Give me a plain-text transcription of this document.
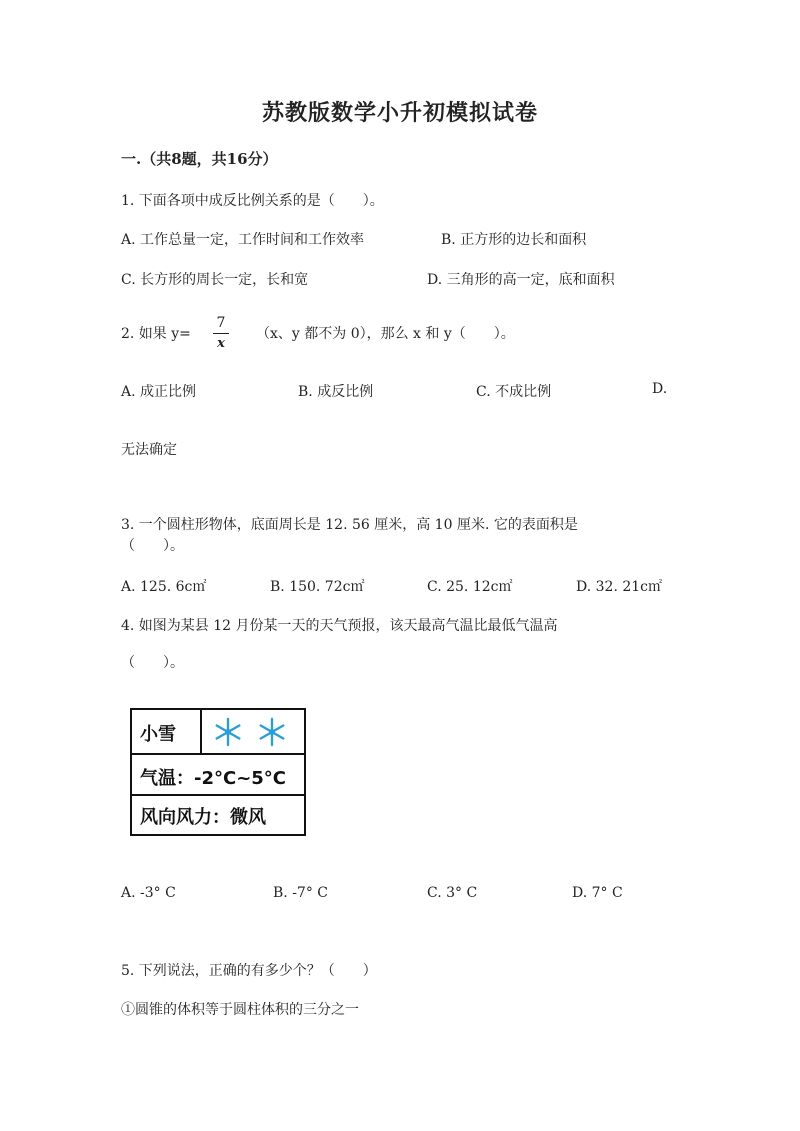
苏教版数学小升初模拟试卷
一.（共8题，共16分）
1. 下面各项中成反比例关系的是（　　）。
A. 工作总量一定，工作时间和工作效率	B. 正方形的边长和面积
C. 长方形的周长一定，长和宽	D. 三角形的高一定，底和面积
2. 如果 y=
7
x
（x、y 都不为 0），那么 x 和 y（　　）。
A. 成正比例	B. 成反比例	C. 不成比例	D.
无法确定
3. 一个圆柱形物体，底面周长是 12. 56 厘米，高 10 厘米. 它的表面积是
（　　）。
A. 125. 6c㎡	B. 150. 72c㎡	C. 25. 12c㎡	D. 32. 21c㎡
4. 如图为某县 12 月份某一天的天气预报，该天最高气温比最低气温高
（　　）。
小雪
气温：-2°C~5°C
风向风力：微风
A. -3° C	B. -7° C	C. 3° C	D. 7° C
5. 下列说法，正确的有多少个？（　　）
①圆锥的体积等于圆柱体积的三分之一
